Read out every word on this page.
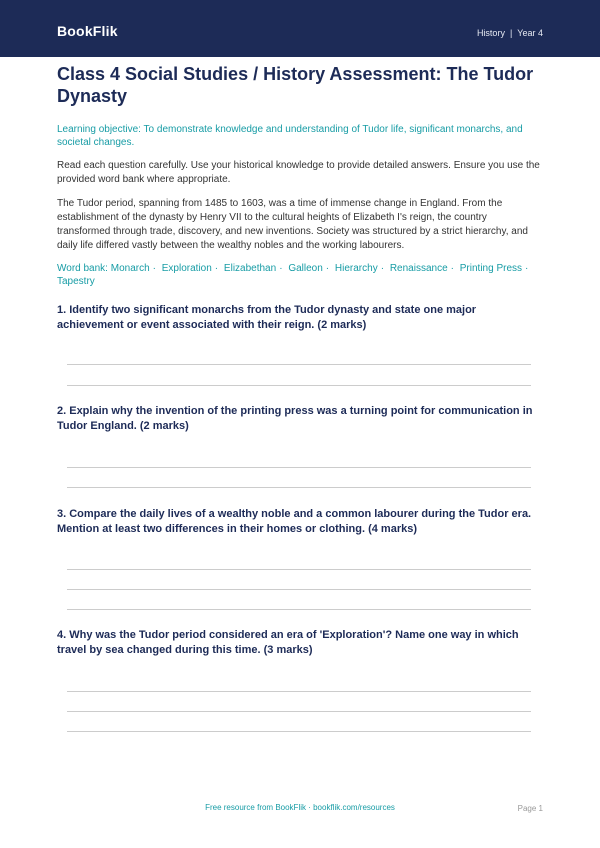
BookFlik	History | Year 4
Class 4 Social Studies / History Assessment: The Tudor Dynasty

Learning objective: To demonstrate knowledge and understanding of Tudor life, significant monarchs, and societal changes.

Read each question carefully. Use your historical knowledge to provide detailed answers. Ensure you use the provided word bank where appropriate.

The Tudor period, spanning from 1485 to 1603, was a time of immense change in England. From the establishment of the dynasty by Henry VII to the cultural heights of Elizabeth I's reign, the country transformed through trade, discovery, and new inventions. Society was structured by a strict hierarchy, and daily life differed vastly between the wealthy nobles and the working labourers.

Word bank: Monarch · Exploration · Elizabethan · Galleon · Hierarchy · Renaissance · Printing Press · Tapestry

1. Identify two significant monarchs from the Tudor dynasty and state one major achievement or event associated with their reign. (2 marks)

2. Explain why the invention of the printing press was a turning point for communication in Tudor England. (2 marks)

3. Compare the daily lives of a wealthy noble and a common labourer during the Tudor era. Mention at least two differences in their homes or clothing. (4 marks)

4. Why was the Tudor period considered an era of 'Exploration'? Name one way in which travel by sea changed during this time. (3 marks)

Free resource from BookFlik · bookflik.com/resources	Page 1
